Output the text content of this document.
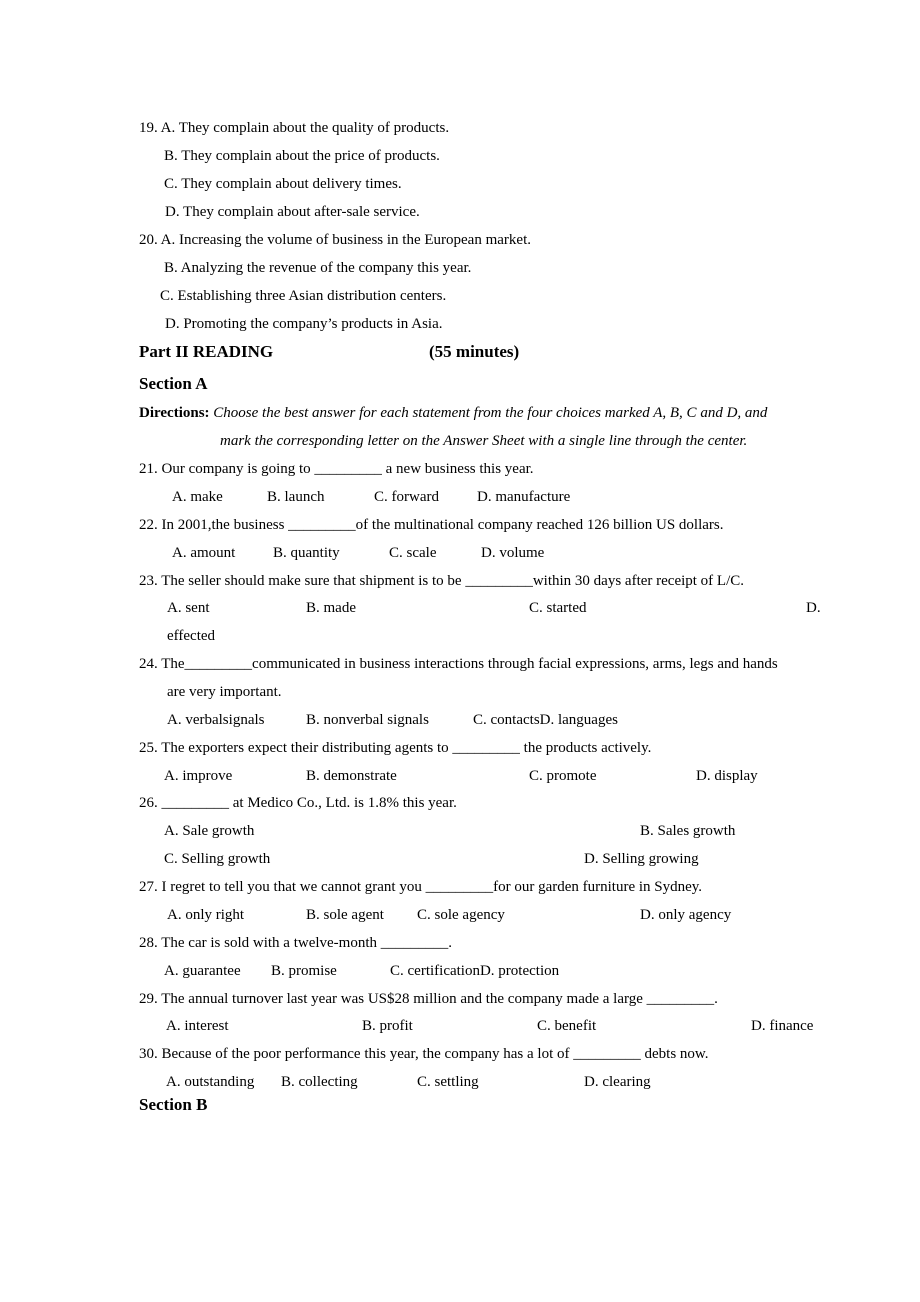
19. A. They complain about the quality of products.
B. They complain about the price of products.
C. They complain about delivery times.
D. They complain about after-sale service.
20. A. Increasing the volume of business in the European market.
B. Analyzing the revenue of the company this year.
C. Establishing three Asian distribution centers.
D. Promoting the company’s products in Asia.
Part II READING	(55 minutes)
Section A
Directions: Choose the best answer for each statement from the four choices marked A, B, C and D, and
mark the corresponding letter on the Answer Sheet with a single line through the center.
21. Our company is going to _________ a new business this year.
A. make	B. launch	C. forward	D. manufacture
22. In 2001,the business _________of the multinational company reached 126 billion US dollars.
A. amount	B. quantity	C. scale	D. volume
23. The seller should make sure that shipment is to be _________within 30 days after receipt of L/C.
A. sent	B. made	C. started	D.
effected
24. The_________communicated in business interactions through facial expressions, arms, legs and hands
are very important.
A. verbalsignals	B. nonverbal signals	C. contactsD. languages
25. The exporters expect their distributing agents to _________ the products actively.
A. improve	B. demonstrate	C. promote	D. display
26. _________ at Medico Co., Ltd. is 1.8% this year.
A. Sale growth	B. Sales growth
C. Selling growth	D. Selling growing
27. I regret to tell you that we cannot grant you _________for our garden furniture in Sydney.
A. only right	B. sole agent C. sole agency	D. only agency
28. The car is sold with a twelve-month _________.
A. guarantee B. promise	C. certificationD. protection
29. The annual turnover last year was US$28 million and the company made a large _________.
A. interest	B. profit	C. benefit	D. finance
30. Because of the poor performance this year, the company has a lot of _________ debts now.
A. outstanding B. collecting	C. settling	D. clearing
Section B
